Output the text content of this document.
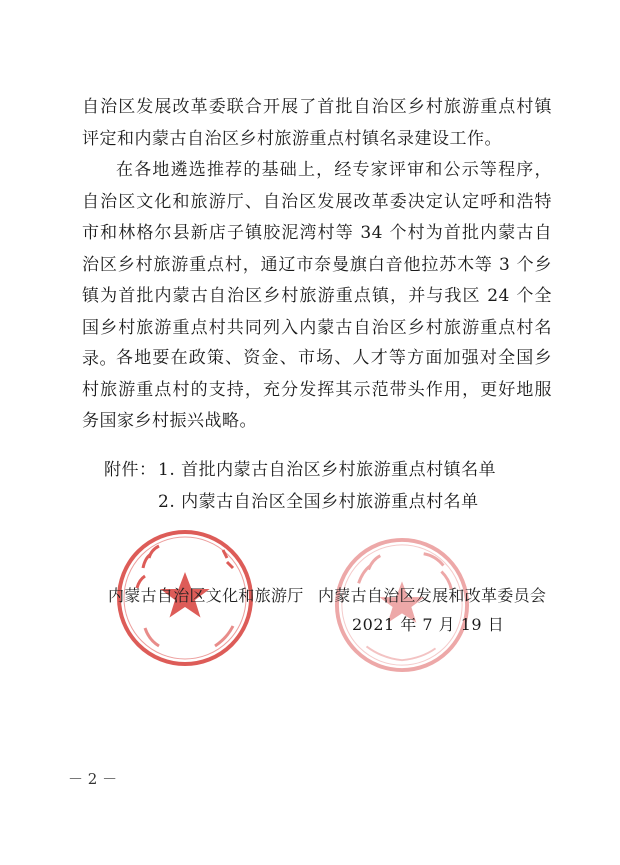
自治区发展改革委联合开展了首批自治区乡村旅游重点村镇评定和内蒙古自治区乡村旅游重点村镇名录建设工作。

在各地遴选推荐的基础上，经专家评审和公示等程序，自治区文化和旅游厅、自治区发展改革委决定认定呼和浩特市和林格尔县新店子镇胶泥湾村等 34 个村为首批内蒙古自治区乡村旅游重点村，通辽市奈曼旗白音他拉苏木等 3 个乡镇为首批内蒙古自治区乡村旅游重点镇，并与我区 24 个全国乡村旅游重点村共同列入内蒙古自治区乡村旅游重点村名录。 各地要在政策、资金、市场、人才等方面加强对全国乡村旅游重点村的支持，充分发挥其示范带头作用，更好地服务国家乡村振兴战略。

附件： 1. 首批内蒙古自治区乡村旅游重点村镇名单
2. 内蒙古自治区全国乡村旅游重点村名单
内蒙古自治区文化和旅游厅 内蒙古自治区发展和改革委员会
2021 年 7 月 19 日
－ 2 －
